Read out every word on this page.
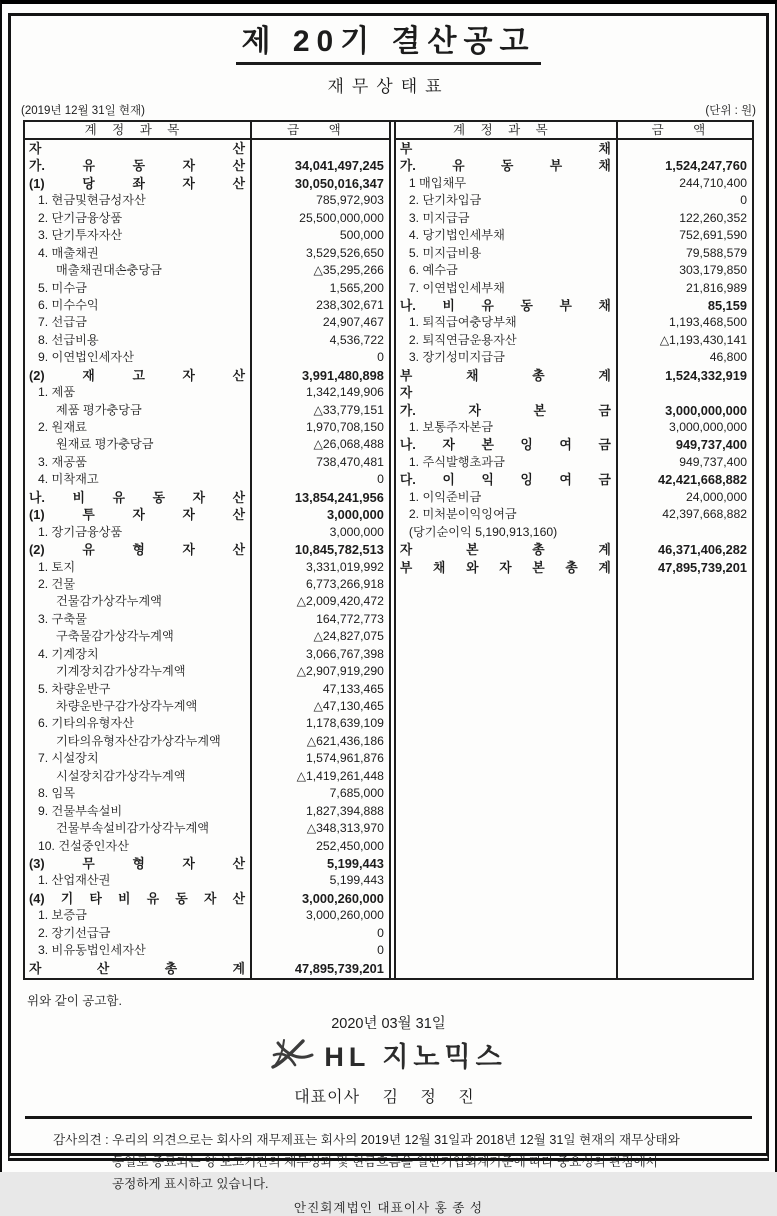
제 20기 결산공고
재무상태표
(2019년 12월 31일 현재)	(단위 : 원)
계 정 과 목	금 액
자 산
가. 유 동 자 산	34,041,497,245
(1) 당 좌 자 산	30,050,016,347
1. 현금및현금성자산	785,972,903
2. 단기금융상품	25,500,000,000
3. 단기투자자산	500,000
4. 매출채권	3,529,526,650
매출채권대손충당금	△35,295,266
5. 미수금	1,565,200
6. 미수수익	238,302,671
7. 선급금	24,907,467
8. 선급비용	4,536,722
9. 이연법인세자산	0
(2) 재 고 자 산	3,991,480,898
1. 제품	1,342,149,906
제품 평가충당금	△33,779,151
2. 원재료	1,970,708,150
원재료 평가충당금	△26,068,488
3. 재공품	738,470,481
4. 미착재고	0
나. 비 유 동 자 산	13,854,241,956
(1) 투 자 자 산	3,000,000
1. 장기금융상품	3,000,000
(2) 유 형 자 산	10,845,782,513
1. 토지	3,331,019,992
2. 건물	6,773,266,918
건물감가상각누계액	△2,009,420,472
3. 구축물	164,772,773
구축물감가상각누계액	△24,827,075
4. 기계장치	3,066,767,398
기계장치감가상각누계액	△2,907,919,290
5. 차량운반구	47,133,465
차량운반구감가상각누계액	△47,130,465
6. 기타의유형자산	1,178,639,109
기타의유형자산감가상각누계액	△621,436,186
7. 시설장치	1,574,961,876
시설장치감가상각누계액	△1,419,261,448
8. 임목	7,685,000
9. 건물부속설비	1,827,394,888
건물부속설비감가상각누계액	△348,313,970
10. 건설중인자산	252,450,000
(3) 무 형 자 산	5,199,443
1. 산업재산권	5,199,443
(4) 기 타 비 유 동 자 산	3,000,260,000
1. 보증금	3,000,260,000
2. 장기선급금	0
3. 비유동법인세자산	0
자 산 총 계	47,895,739,201
계 정 과 목	금 액
부 채
가. 유 동 부 채	1,524,247,760
1 매입채무	244,710,400
2. 단기차입금	0
3. 미지급금	122,260,352
4. 당기법인세부채	752,691,590
5. 미지급비용	79,588,579
6. 예수금	303,179,850
7. 이연법인세부채	21,816,989
나. 비 유 동 부 채	85,159
1. 퇴직급여충당부채	1,193,468,500
2. 퇴직연금운용자산	△1,193,430,141
3. 장기성미지급금	46,800
부 채 총 계	1,524,332,919
자
가. 자 본 금	3,000,000,000
1. 보통주자본금	3,000,000,000
나. 자 본 잉 여 금	949,737,400
1. 주식발행초과금	949,737,400
다. 이 익 잉 여 금	42,421,668,882
1. 이익준비금	24,000,000
2. 미처분이익잉여금	42,397,668,882
(당기순이익 5,190,913,160)
자 본 총 계	46,371,406,282
부 채 와 자 본 총 계	47,895,739,201
위와 같이 공고함.
2020년 03월 31일
HL 지노믹스
대표이사 김 정 진
감사의견 : 우리의 의견으로는 회사의 재무제표는 회사의 2019년 12월 31일과 2018년 12월 31일 현재의 재무상태와
동일로 종료되는 양 보고기간의 재무성과 및 현금흐름을 일반기업회계기준에 따라 중요성의 관점에서
공정하게 표시하고 있습니다.
안진회계법인 대표이사 홍 종 성
